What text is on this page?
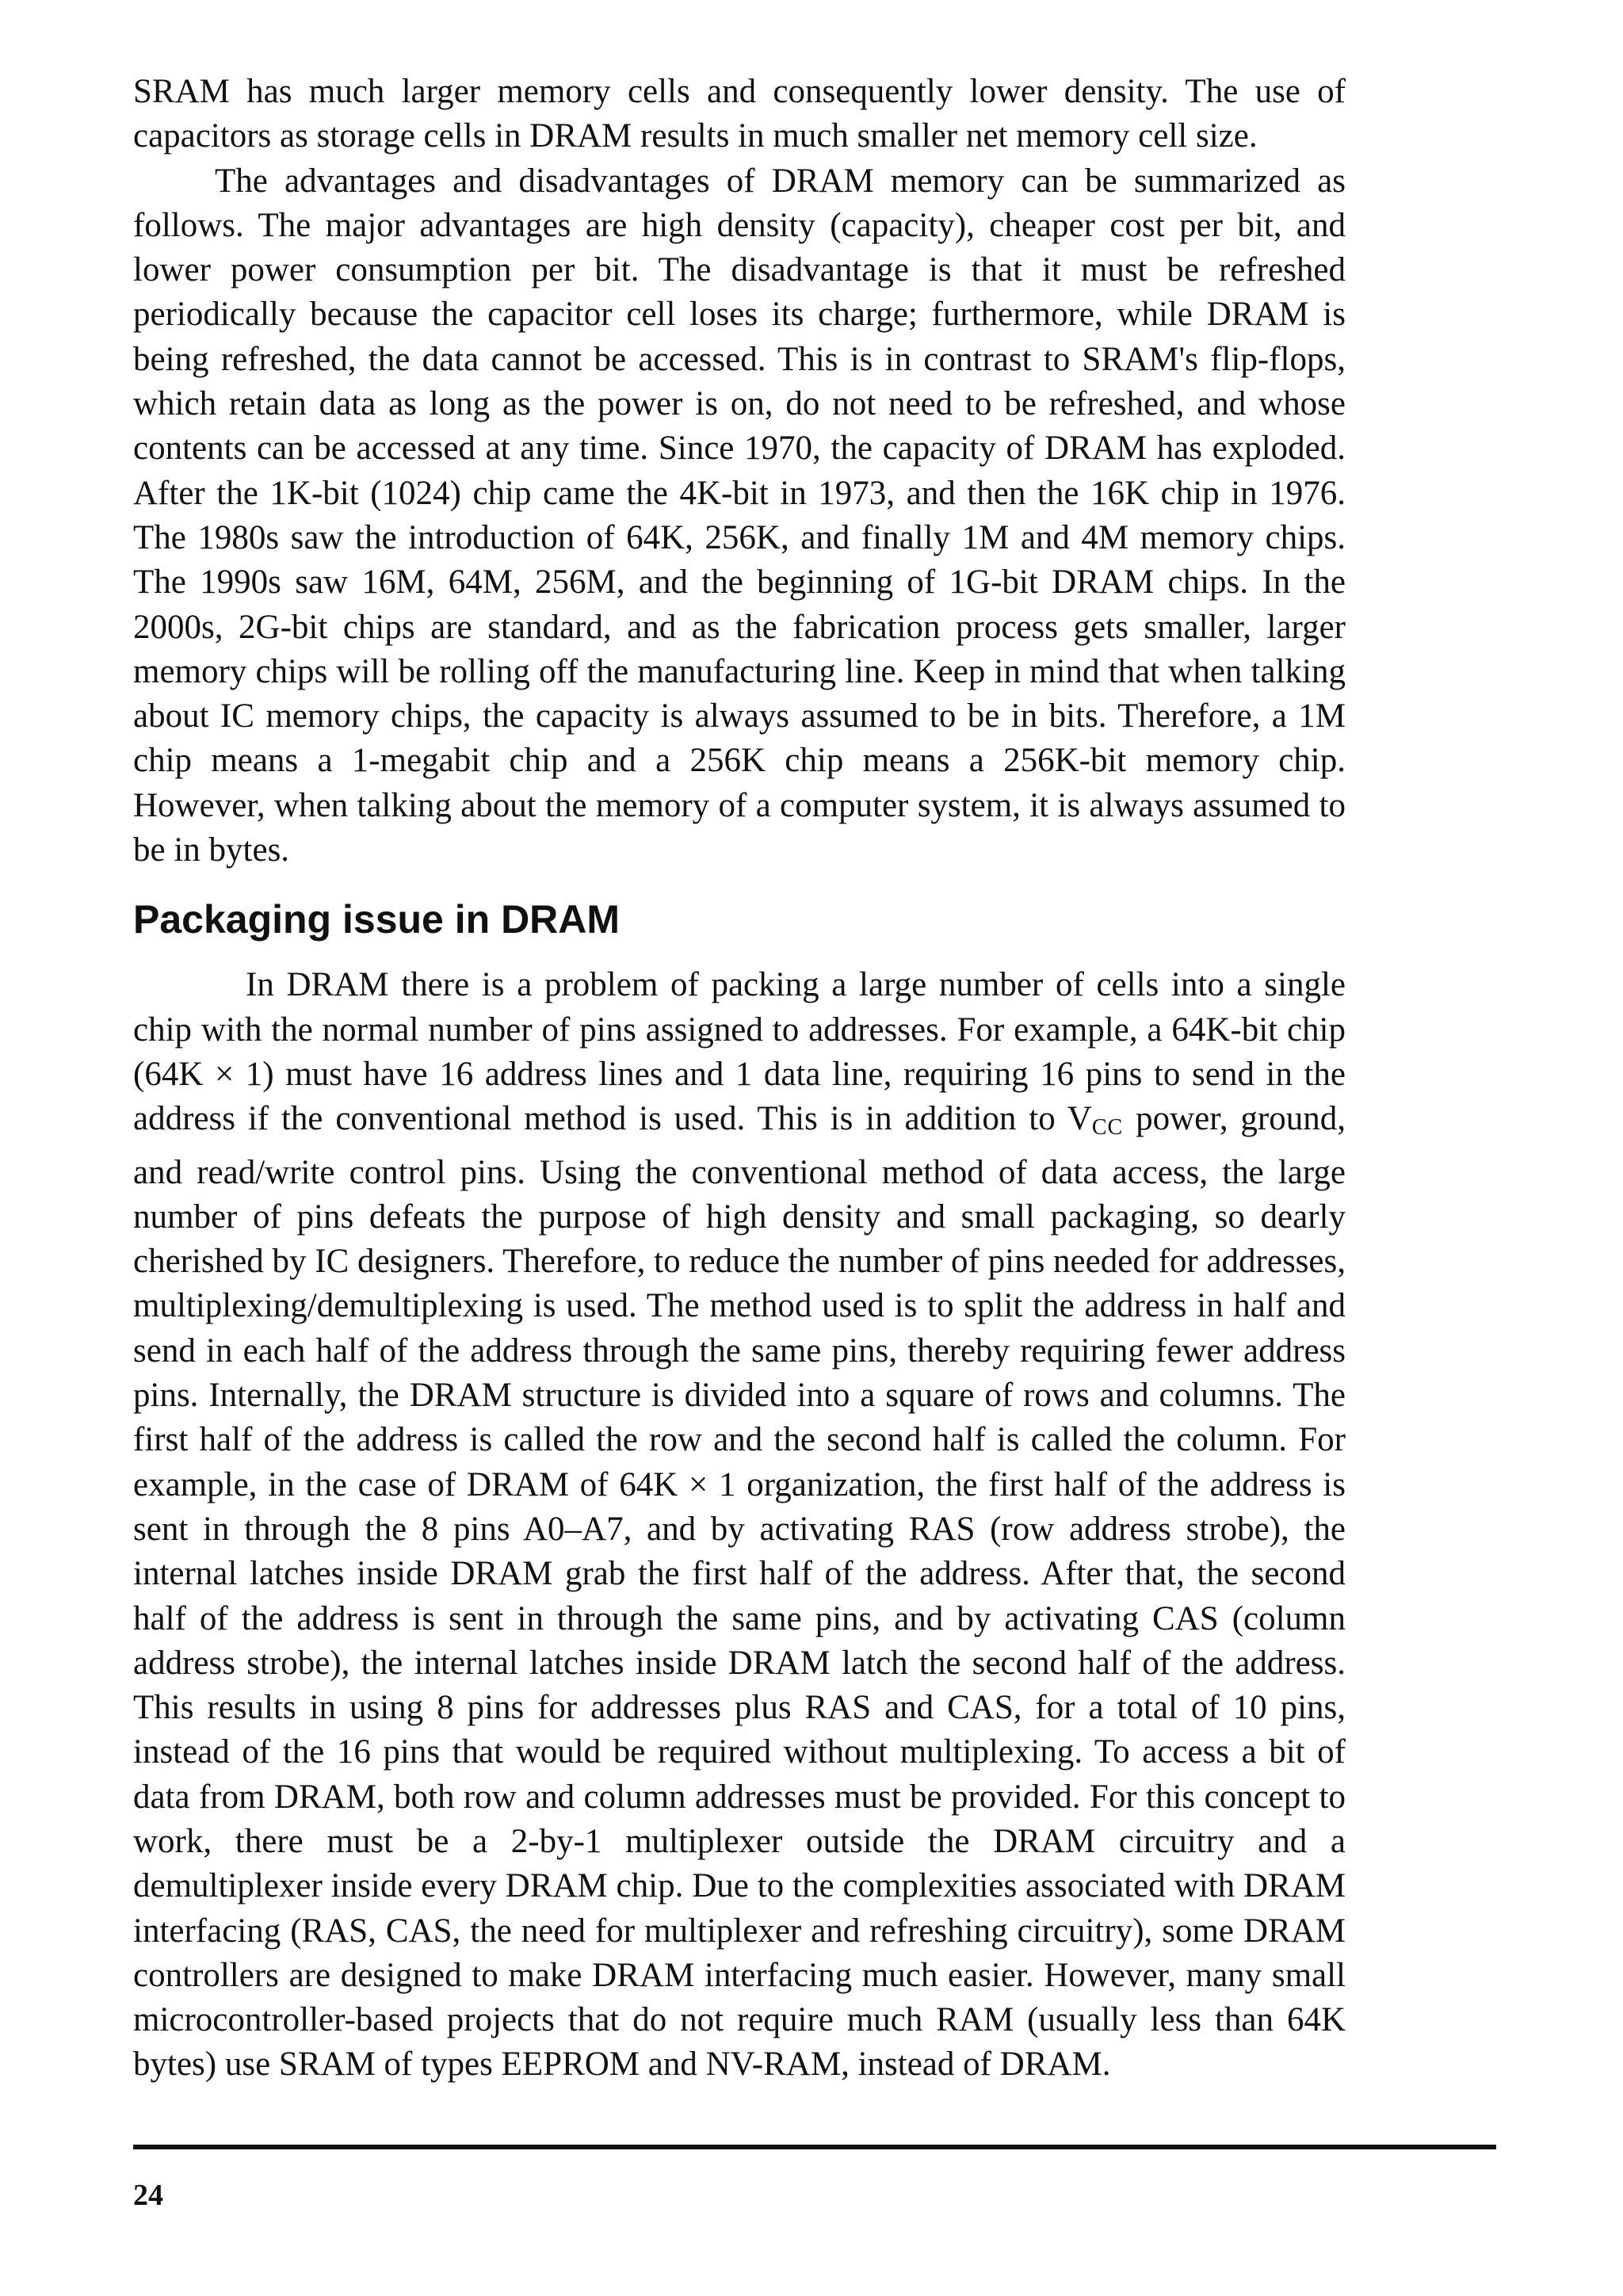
SRAM has much larger memory cells and consequently lower density. The use of capacitors as storage cells in DRAM results in much smaller net memory cell size.

The advantages and disadvantages of DRAM memory can be summarized as follows. The major advantages are high density (capacity), cheaper cost per bit, and lower power consumption per bit. The disadvantage is that it must be refreshed periodically because the capacitor cell loses its charge; furthermore, while DRAM is being refreshed, the data cannot be accessed. This is in contrast to SRAM's flip-flops, which retain data as long as the power is on, do not need to be refreshed, and whose contents can be accessed at any time. Since 1970, the capacity of DRAM has exploded. After the 1K-bit (1024) chip came the 4K-bit in 1973, and then the 16K chip in 1976. The 1980s saw the introduction of 64K, 256K, and finally 1M and 4M memory chips. The 1990s saw 16M, 64M, 256M, and the beginning of 1G-bit DRAM chips. In the 2000s, 2G-bit chips are standard, and as the fabrication process gets smaller, larger memory chips will be rolling off the manufacturing line. Keep in mind that when talking about IC memory chips, the capacity is always assumed to be in bits. Therefore, a 1M chip means a 1-megabit chip and a 256K chip means a 256K-bit memory chip. However, when talking about the memory of a computer system, it is always assumed to be in bytes.

Packaging issue in DRAM

In DRAM there is a problem of packing a large number of cells into a single chip with the normal number of pins assigned to addresses. For example, a 64K-bit chip (64K × 1) must have 16 address lines and 1 data line, requiring 16 pins to send in the address if the conventional method is used. This is in addition to $V_{CC}$ power, ground, and read/write control pins. Using the conventional method of data access, the large number of pins defeats the purpose of high density and small packaging, so dearly cherished by IC designers. Therefore, to reduce the number of pins needed for addresses, multiplexing/demultiplexing is used. The method used is to split the address in half and send in each half of the address through the same pins, thereby requiring fewer address pins. Internally, the DRAM structure is divided into a square of rows and columns. The first half of the address is called the row and the second half is called the column. For example, in the case of DRAM of 64K × 1 organization, the first half of the address is sent in through the 8 pins A0–A7, and by activating RAS (row address strobe), the internal latches inside DRAM grab the first half of the address. After that, the second half of the address is sent in through the same pins, and by activating CAS (column address strobe), the internal latches inside DRAM latch the second half of the address. This results in using 8 pins for addresses plus RAS and CAS, for a total of 10 pins, instead of the 16 pins that would be required without multiplexing. To access a bit of data from DRAM, both row and column addresses must be provided. For this concept to work, there must be a 2-by-1 multiplexer outside the DRAM circuitry and a demultiplexer inside every DRAM chip. Due to the complexities associated with DRAM interfacing (RAS, CAS, the need for multiplexer and refreshing circuitry), some DRAM controllers are designed to make DRAM interfacing much easier. However, many small microcontroller-based projects that do not require much RAM (usually less than 64K bytes) use SRAM of types EEPROM and NV-RAM, instead of DRAM.

24
